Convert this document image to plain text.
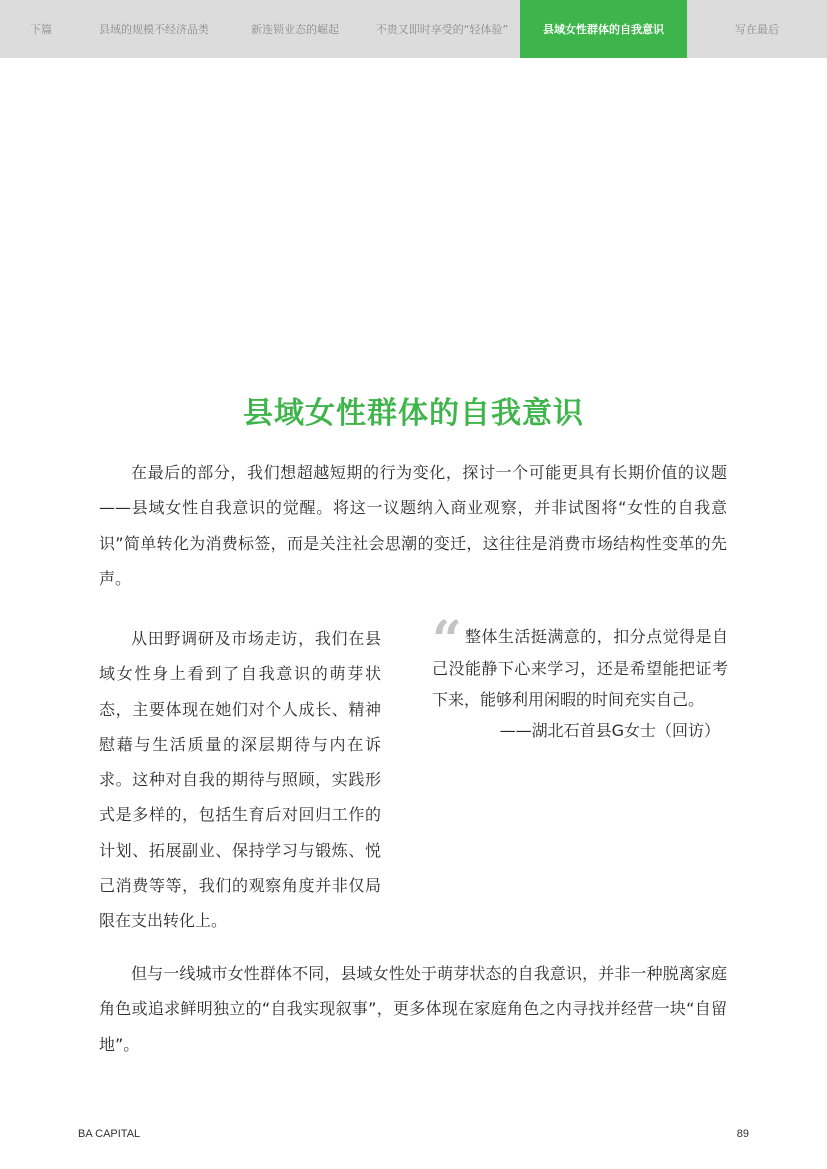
下篇	县域的规模不经济品类	新连锁业态的崛起	不贵又即时享受的“轻体验”	县域女性群体的自我意识	写在最后
县域女性群体的自我意识

在最后的部分，我们想超越短期的行为变化，探讨一个可能更具有长期价值的议题——县域女性自我意识的觉醒。将这一议题纳入商业观察，并非试图将“女性的自我意识”简单转化为消费标签，而是关注社会思潮的变迁，这往往是消费市场结构性变革的先声。

从田野调研及市场走访，我们在县域女性身上看到了自我意识的萌芽状态，主要体现在她们对个人成长、精神慰藉与生活质量的深层期待与内在诉求。这种对自我的期待与照顾，实践形式是多样的，包括生育后对回归工作的计划、拓展副业、保持学习与锻炼、悦己消费等等，我们的观察角度并非仅局限在支出转化上。

“ 整体生活挺满意的，扣分点觉得是自己没能静下心来学习，还是希望能把证考下来，能够利用闲暇的时间充实自己。

——湖北石首县G女士（回访）

但与一线城市女性群体不同，县域女性处于萌芽状态的自我意识，并非一种脱离家庭角色或追求鲜明独立的“自我实现叙事”，更多体现在家庭角色之内寻找并经营一块“自留地”。

BA CAPITAL	89
